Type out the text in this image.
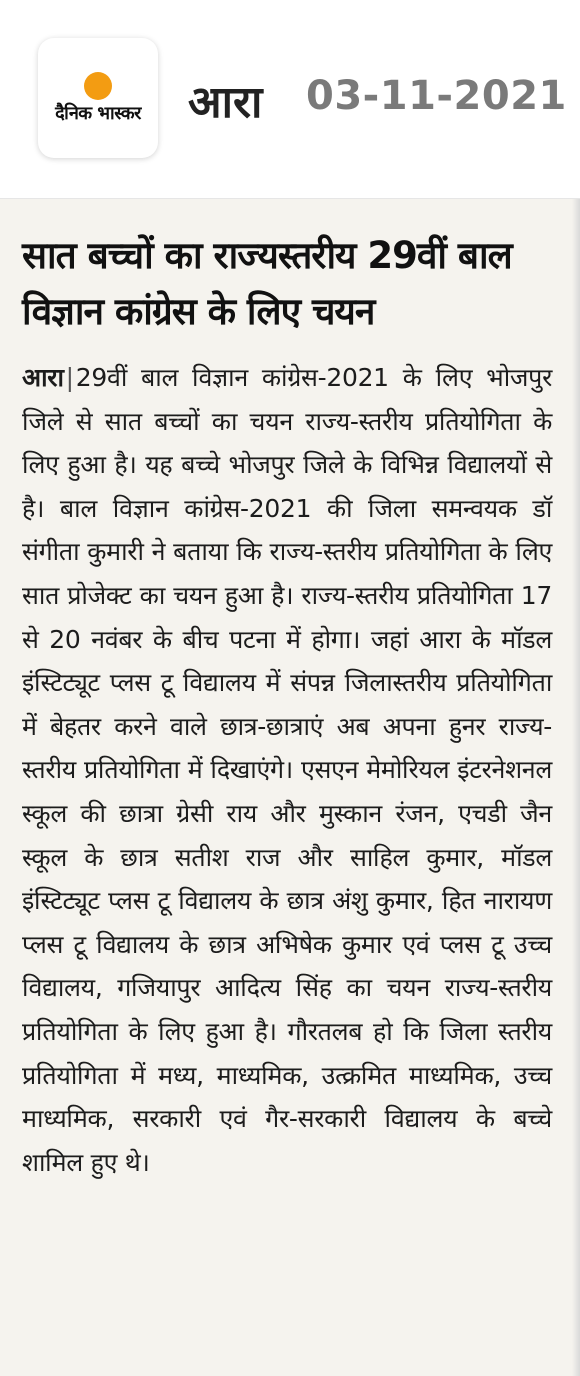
दैनिक भास्कर आरा 03-11-2021
सात बच्चों का राज्यस्तरीय 29वीं बाल विज्ञान कांग्रेस के लिए चयन
आरा|29वीं बाल विज्ञान कांग्रेस-2021 के लिए भोजपुर जिले से सात बच्चों का चयन राज्य-स्तरीय प्रतियोगिता के लिए हुआ है। यह बच्चे भोजपुर जिले के विभिन्न विद्यालयों से है। बाल विज्ञान कांग्रेस-2021 की जिला समन्वयक डॉ संगीता कुमारी ने बताया कि राज्य-स्तरीय प्रतियोगिता के लिए सात प्रोजेक्ट का चयन हुआ है। राज्य-स्तरीय प्रतियोगिता 17 से 20 नवंबर के बीच पटना में होगा। जहां आरा के मॉडल इंस्टिट्यूट प्लस टू विद्यालय में संपन्न जिलास्तरीय प्रतियोगिता में बेहतर करने वाले छात्र-छात्राएं अब अपना हुनर राज्य-स्तरीय प्रतियोगिता में दिखाएंगे। एसएन मेमोरियल इंटरनेशनल स्कूल की छात्रा ग्रेसी राय और मुस्कान रंजन, एचडी जैन स्कूल के छात्र सतीश राज और साहिल कुमार, मॉडल इंस्टिट्यूट प्लस टू विद्यालय के छात्र अंशु कुमार, हित नारायण प्लस टू विद्यालय के छात्र अभिषेक कुमार एवं प्लस टू उच्च विद्यालय, गजियापुर आदित्य सिंह का चयन राज्य-स्तरीय प्रतियोगिता के लिए हुआ है। गौरतलब हो कि जिला स्तरीय प्रतियोगिता में मध्य, माध्यमिक, उत्क्रमित माध्यमिक, उच्च माध्यमिक, सरकारी एवं गैर-सरकारी विद्यालय के बच्चे शामिल हुए थे।
